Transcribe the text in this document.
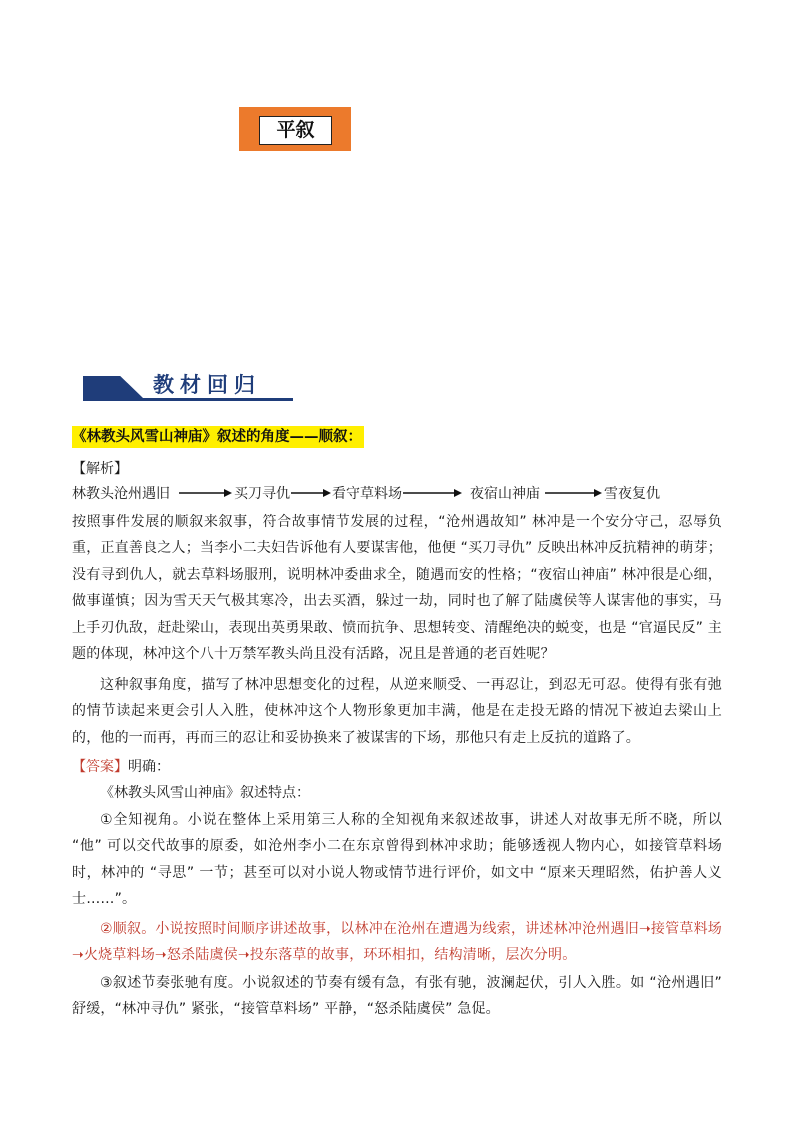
平叙
教材回归
《林教头风雪山神庙》叙述的角度——顺叙：
【解析】
林教头沧州遇旧	买刀寻仇	看守草料场	夜宿山神庙	雪夜复仇
按照事件发展的顺叙来叙事，符合故事情节发展的过程，“沧州遇故知” 林冲是一个安分守己，忍辱负重，正直善良之人；当李小二夫妇告诉他有人要谋害他，他便 “买刀寻仇” 反映出林冲反抗精神的萌芽；没有寻到仇人，就去草料场服刑，说明林冲委曲求全，随遇而安的性格；“夜宿山神庙” 林冲很是心细，做事谨慎；因为雪天天气极其寒冷，出去买酒，躲过一劫，同时也了解了陆虞侯等人谋害他的事实，马上手刃仇敌，赶赴梁山，表现出英勇果敢、愤而抗争、思想转变、清醒绝决的蜕变，也是 “官逼民反” 主题的体现，林冲这个八十万禁军教头尚且没有活路，况且是普通的老百姓呢？
这种叙事角度，描写了林冲思想变化的过程，从逆来顺受、一再忍让，到忍无可忍。使得有张有弛的情节读起来更会引人入胜，使林冲这个人物形象更加丰满，他是在走投无路的情况下被迫去梁山上的，他的一而再，再而三的忍让和妥协换来了被谋害的下场，那他只有走上反抗的道路了。
【答案】明确：
《林教头风雪山神庙》叙述特点：
①全知视角。小说在整体上采用第三人称的全知视角来叙述故事，讲述人对故事无所不晓，所以 “他” 可以交代故事的原委，如沧州李小二在东京曾得到林冲求助；能够透视人物内心，如接管草料场时，林冲的 “寻思” 一节；甚至可以对小说人物或情节进行评价，如文中 “原来天理昭然，佑护善人义士……”。
②顺叙。小说按照时间顺序讲述故事，以林冲在沧州在遭遇为线索，讲述林冲沧州遇旧➝接管草料场➝火烧草料场➝怒杀陆虞侯➝投东落草的故事，环环相扣，结构清晰，层次分明。
③叙述节奏张驰有度。小说叙述的节奏有缓有急，有张有驰，波澜起伏，引人入胜。如 “沧州遇旧” 舒缓，“林冲寻仇” 紧张，“接管草料场” 平静，“怒杀陆虞侯” 急促。
